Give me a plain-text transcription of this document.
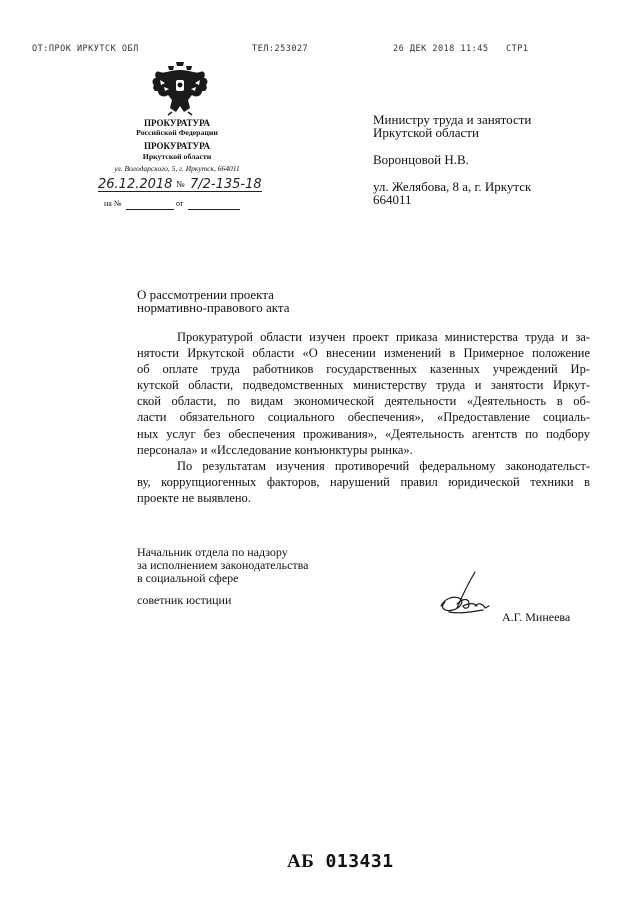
ОТ:ПРОК ИРКУТСК ОБЛ	ТЕЛ:253027	26 ДЕК 2018 11:45 СТР1
ПРОКУРАТУРА
Российской Федерации
ПРОКУРАТУРА
Иркутской области
ул. Володарского, 5, г. Иркутск, 664011
26.12.2018 № 7/2-135-18
на №	от
Министру труда и занятости
Иркутской области
Воронцовой Н.В.
ул. Желябова, 8 а, г. Иркутск
664011
О рассмотрении проекта
нормативно-правового акта
Прокуратурой области изучен проект приказа министерства труда и за-
нятости Иркутской области «О внесении изменений в Примерное положение
об оплате труда работников государственных казенных учреждений Ир-
кутской области, подведомственных министерству труда и занятости Иркут-
ской области, по видам экономической деятельности «Деятельность в об-
ласти обязательного социального обеспечения», «Предоставление социаль-
ных услуг без обеспечения проживания», «Деятельность агентств по подбору
персонала» и «Исследование конъюнктуры рынка».
По результатам изучения противоречий федеральному законодательст-
ву, коррупциогенных факторов, нарушений правил юридической техники в
проекте не выявлено.
Начальник отдела по надзору
за исполнением законодательства
в социальной сфере
советник юстиции
А.Г. Минеева
АБ 013431
